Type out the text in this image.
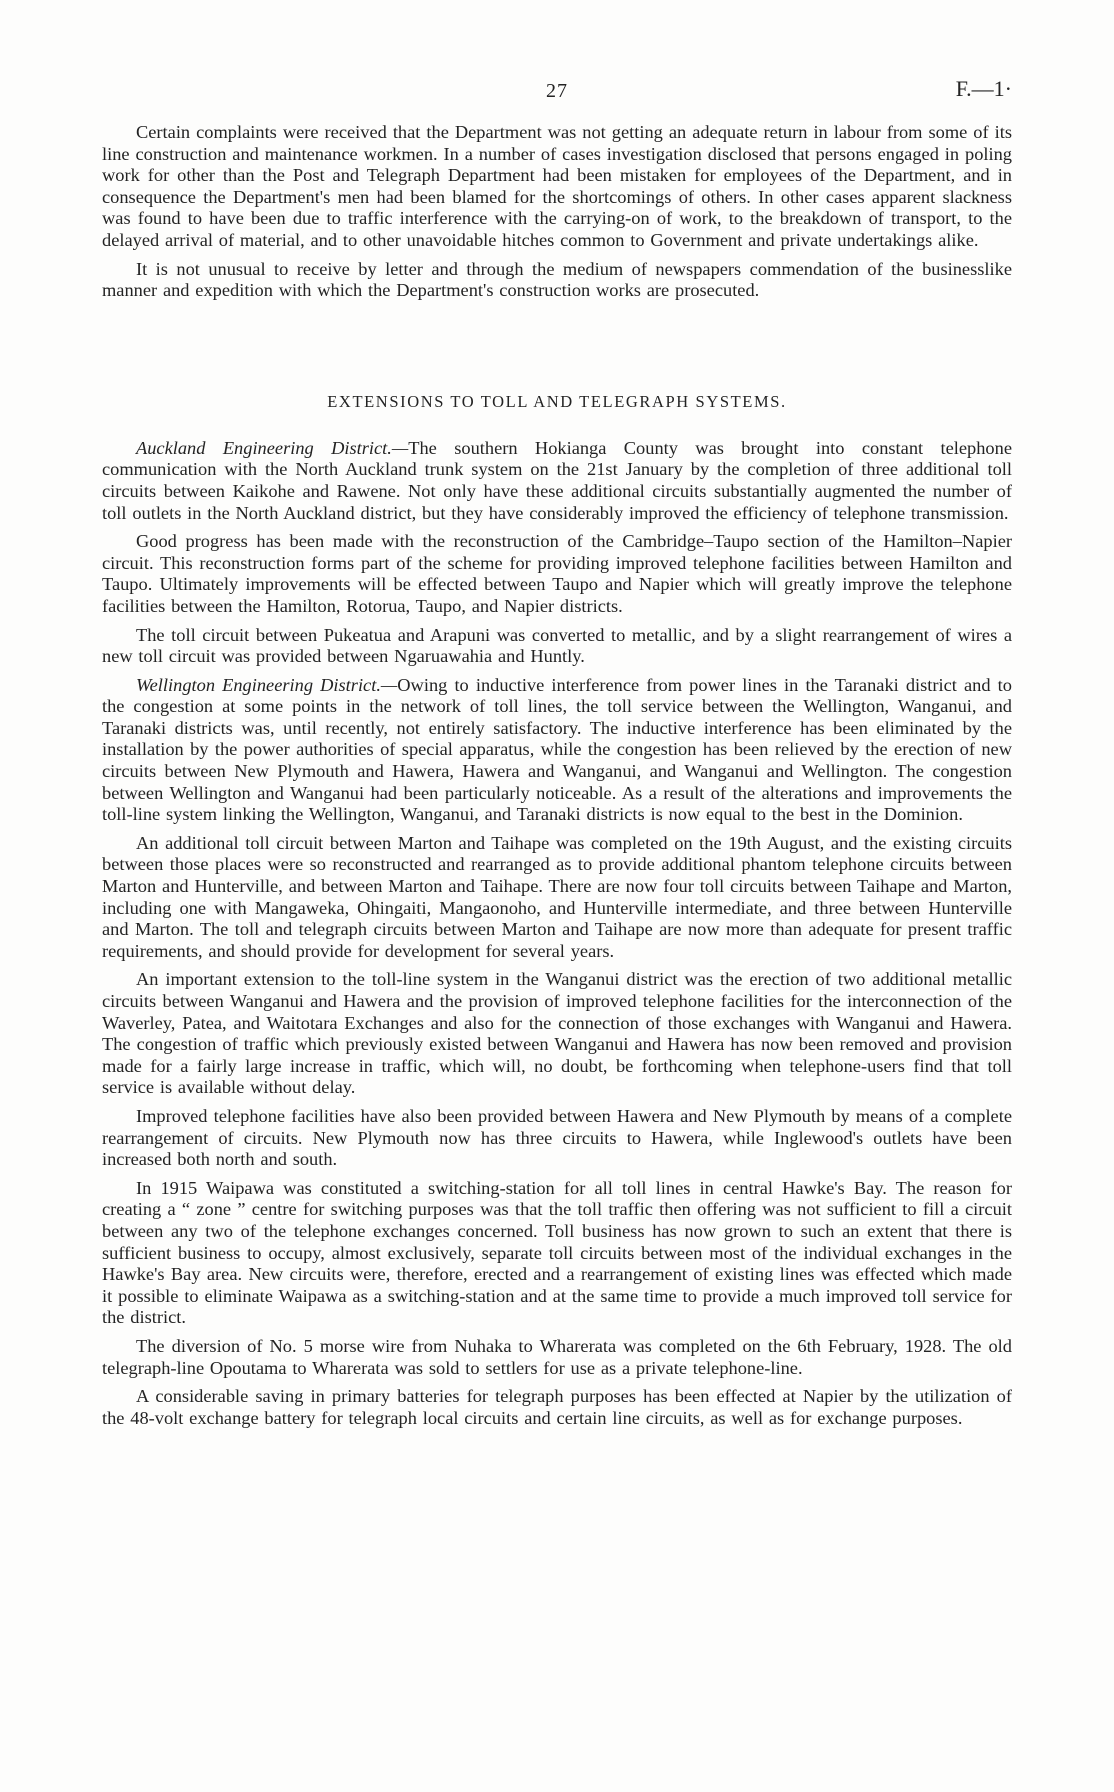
27	F.—1·

Certain complaints were received that the Department was not getting an adequate return in labour from some of its line construction and maintenance workmen. In a number of cases investigation disclosed that persons engaged in poling work for other than the Post and Telegraph Department had been mistaken for employees of the Department, and in consequence the Department's men had been blamed for the shortcomings of others. In other cases apparent slackness was found to have been due to traffic interference with the carrying-on of work, to the breakdown of transport, to the delayed arrival of material, and to other unavoidable hitches common to Government and private undertakings alike.

It is not unusual to receive by letter and through the medium of newspapers commendation of the businesslike manner and expedition with which the Department's construction works are prosecuted.

EXTENSIONS TO TOLL AND TELEGRAPH SYSTEMS.

Auckland Engineering District.—The southern Hokianga County was brought into constant telephone communication with the North Auckland trunk system on the 21st January by the completion of three additional toll circuits between Kaikohe and Rawene. Not only have these additional circuits substantially augmented the number of toll outlets in the North Auckland district, but they have considerably improved the efficiency of telephone transmission.

Good progress has been made with the reconstruction of the Cambridge–Taupo section of the Hamilton–Napier circuit. This reconstruction forms part of the scheme for providing improved telephone facilities between Hamilton and Taupo. Ultimately improvements will be effected between Taupo and Napier which will greatly improve the telephone facilities between the Hamilton, Rotorua, Taupo, and Napier districts.

The toll circuit between Pukeatua and Arapuni was converted to metallic, and by a slight rearrangement of wires a new toll circuit was provided between Ngaruawahia and Huntly.

Wellington Engineering District.—Owing to inductive interference from power lines in the Taranaki district and to the congestion at some points in the network of toll lines, the toll service between the Wellington, Wanganui, and Taranaki districts was, until recently, not entirely satisfactory. The inductive interference has been eliminated by the installation by the power authorities of special apparatus, while the congestion has been relieved by the erection of new circuits between New Plymouth and Hawera, Hawera and Wanganui, and Wanganui and Wellington. The congestion between Wellington and Wanganui had been particularly noticeable. As a result of the alterations and improvements the toll-line system linking the Wellington, Wanganui, and Taranaki districts is now equal to the best in the Dominion.

An additional toll circuit between Marton and Taihape was completed on the 19th August, and the existing circuits between those places were so reconstructed and rearranged as to provide additional phantom telephone circuits between Marton and Hunterville, and between Marton and Taihape. There are now four toll circuits between Taihape and Marton, including one with Mangaweka, Ohingaiti, Mangaonoho, and Hunterville intermediate, and three between Hunterville and Marton. The toll and telegraph circuits between Marton and Taihape are now more than adequate for present traffic requirements, and should provide for development for several years.

An important extension to the toll-line system in the Wanganui district was the erection of two additional metallic circuits between Wanganui and Hawera and the provision of improved telephone facilities for the interconnection of the Waverley, Patea, and Waitotara Exchanges and also for the connection of those exchanges with Wanganui and Hawera. The congestion of traffic which previously existed between Wanganui and Hawera has now been removed and provision made for a fairly large increase in traffic, which will, no doubt, be forthcoming when telephone-users find that toll service is available without delay.

Improved telephone facilities have also been provided between Hawera and New Plymouth by means of a complete rearrangement of circuits. New Plymouth now has three circuits to Hawera, while Inglewood's outlets have been increased both north and south.

In 1915 Waipawa was constituted a switching-station for all toll lines in central Hawke's Bay. The reason for creating a “ zone ” centre for switching purposes was that the toll traffic then offering was not sufficient to fill a circuit between any two of the telephone exchanges concerned. Toll business has now grown to such an extent that there is sufficient business to occupy, almost exclusively, separate toll circuits between most of the individual exchanges in the Hawke's Bay area. New circuits were, therefore, erected and a rearrangement of existing lines was effected which made it possible to eliminate Waipawa as a switching-station and at the same time to provide a much improved toll service for the district.

The diversion of No. 5 morse wire from Nuhaka to Wharerata was completed on the 6th February, 1928. The old telegraph-line Opoutama to Wharerata was sold to settlers for use as a private telephone-line.

A considerable saving in primary batteries for telegraph purposes has been effected at Napier by the utilization of the 48-volt exchange battery for telegraph local circuits and certain line circuits, as well as for exchange purposes.
